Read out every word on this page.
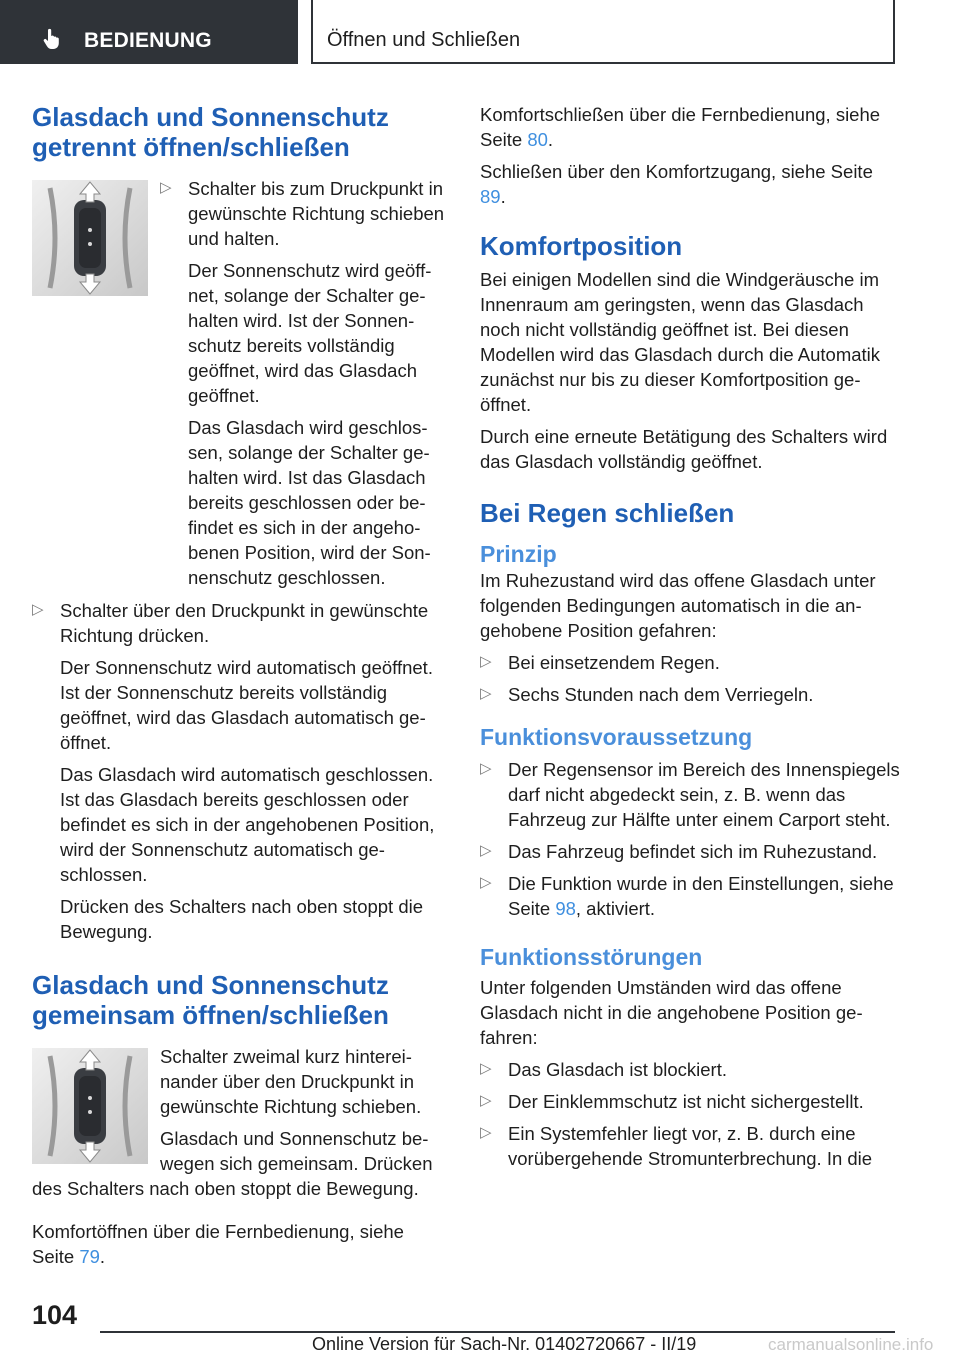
BEDIENUNG	Öffnen und Schließen
Glasdach und Sonnenschutz getrennt öffnen/schließen
▷ Schalter bis zum Druckpunkt in gewünschte Richtung schieben und halten.

Der Sonnenschutz wird geöffnet, solange der Schalter gehalten wird. Ist der Sonnenschutz bereits vollständig geöffnet, wird das Glasdach geöffnet.

Das Glasdach wird geschlossen, solange der Schalter gehalten wird. Ist das Glasdach bereits geschlossen oder befindet es sich in der angehobenen Position, wird der Sonnenschutz geschlossen.

▷ Schalter über den Druckpunkt in gewünschte Richtung drücken.

Der Sonnenschutz wird automatisch geöffnet. Ist der Sonnenschutz bereits vollständig geöffnet, wird das Glasdach automatisch geöffnet.

Das Glasdach wird automatisch geschlossen. Ist das Glasdach bereits geschlossen oder befindet es sich in der angehobenen Position, wird der Sonnenschutz automatisch geschlossen.

Drücken des Schalters nach oben stoppt die Bewegung.

Glasdach und Sonnenschutz gemeinsam öffnen/schließen

Schalter zweimal kurz hintereinander über den Druckpunkt in gewünschte Richtung schieben.

Glasdach und Sonnenschutz bewegen sich gemeinsam. Drücken des Schalters nach oben stoppt die Bewegung.

Komfortöffnen über die Fernbedienung, siehe Seite 79.

Komfortschließen über die Fernbedienung, siehe Seite 80.

Schließen über den Komfortzugang, siehe Seite 89.

Komfortposition

Bei einigen Modellen sind die Windgeräusche im Innenraum am geringsten, wenn das Glasdach noch nicht vollständig geöffnet ist. Bei diesen Modellen wird das Glasdach durch die Automatik zunächst nur bis zu dieser Komfortposition geöffnet.

Durch eine erneute Betätigung des Schalters wird das Glasdach vollständig geöffnet.

Bei Regen schließen
Prinzip

Im Ruhezustand wird das offene Glasdach unter folgenden Bedingungen automatisch in die angehobene Position gefahren:

▷ Bei einsetzendem Regen.

▷ Sechs Stunden nach dem Verriegeln.

Funktionsvoraussetzung
▷ Der Regensensor im Bereich des Innenspiegels darf nicht abgedeckt sein, z. B. wenn das Fahrzeug zur Hälfte unter einem Carport steht.

▷ Das Fahrzeug befindet sich im Ruhezustand.

▷ Die Funktion wurde in den Einstellungen, siehe Seite 98, aktiviert.

Funktionsstörungen

Unter folgenden Umständen wird das offene Glasdach nicht in die angehobene Position gefahren:

▷ Das Glasdach ist blockiert.

▷ Der Einklemmschutz ist nicht sichergestellt.

▷ Ein Systemfehler liegt vor, z. B. durch eine vorübergehende Stromunterbrechung. In die

104
Online Version für Sach-Nr. 01402720667 - II/19	carmanualsonline.info
